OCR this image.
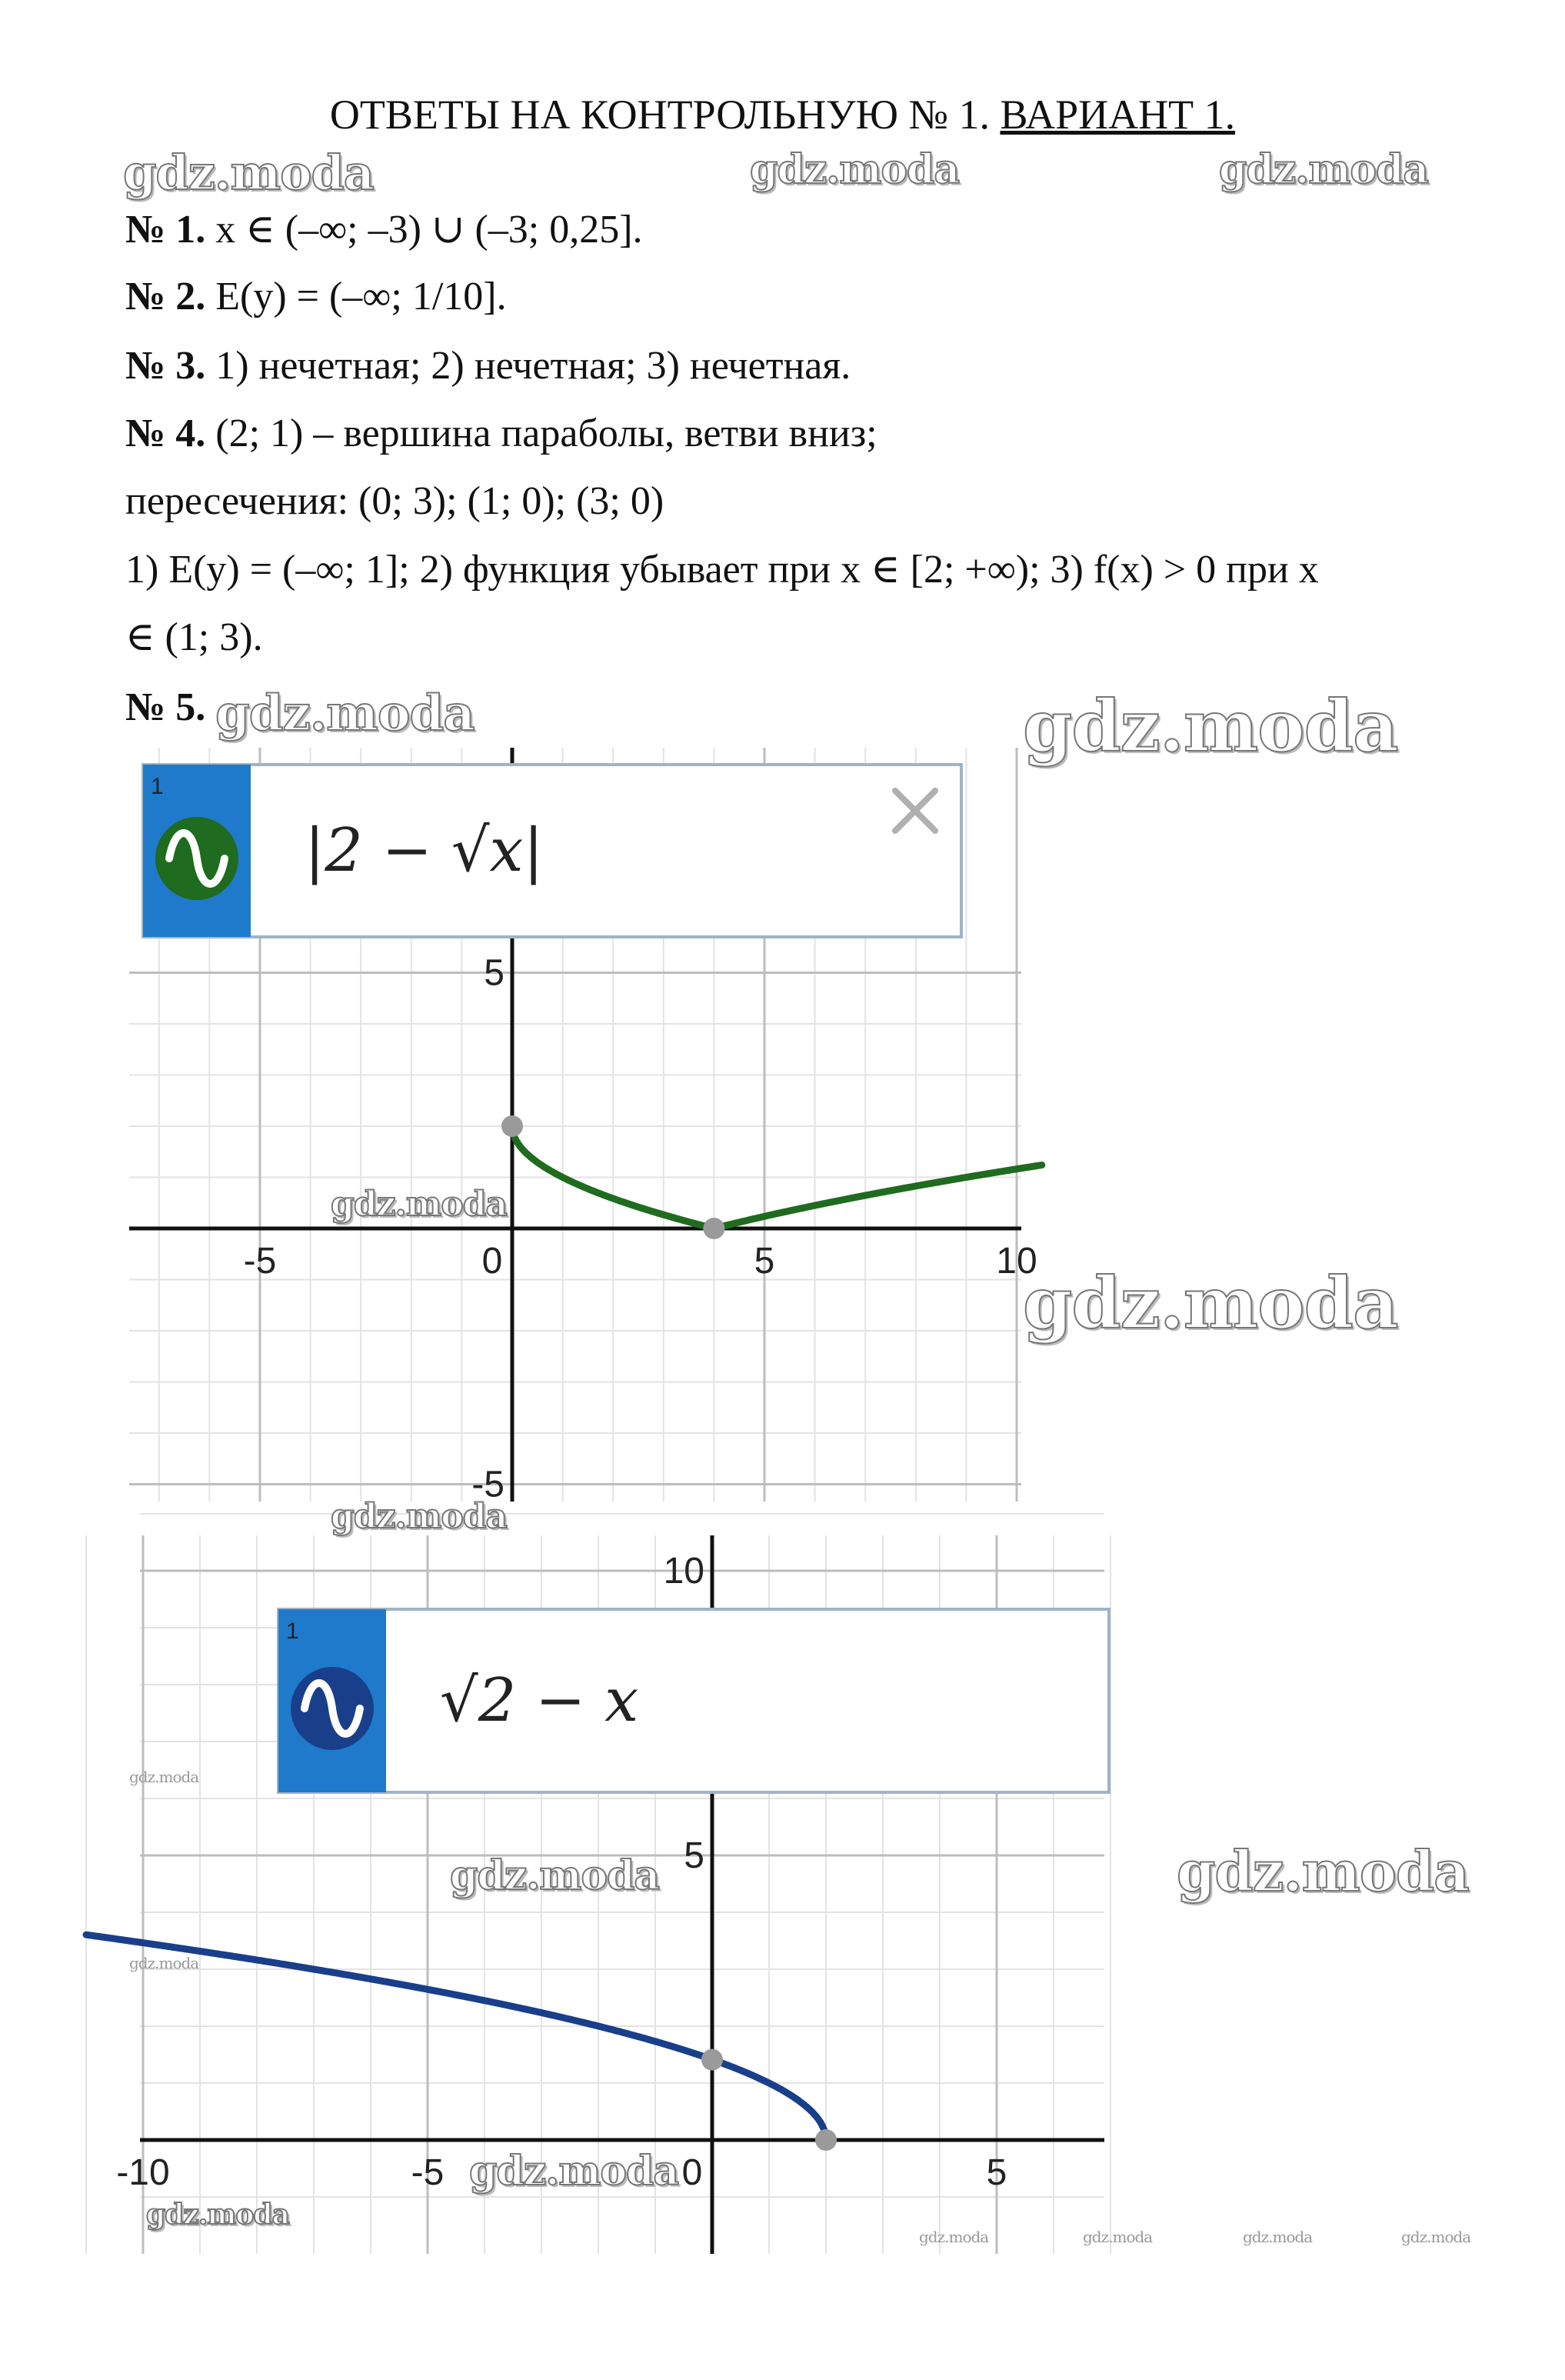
ОТВЕТЫ НА КОНТРОЛЬНУЮ № 1. ВАРИАНТ 1.
№ 1. x ∈ (–∞; –3) ∪ (–3; 0,25].
№ 2. E(y) = (–∞; 1/10].
№ 3. 1) нечетная; 2) нечетная; 3) нечетная.
№ 4. (2; 1) – вершина параболы, ветви вниз;
пересечения: (0; 3); (1; 0); (3; 0)
1) E(y) = (–∞; 1]; 2) функция убывает при x ∈ [2; +∞); 3) f(x) > 0 при x
∈ (1; 3).
№ 5.
-5	0	5	10
5
-5
1
|2 − √x|
-10	-5	0	5
10
5
1
√2 − x
gdz.moda	gdz.moda	gdz.moda
gdz.moda	gdz.moda
gdz.moda
gdz.moda
gdz.moda
gdz.moda	gdz.moda
gdz.moda
gdz.moda
gdz.moda
gdz.moda
gdz.moda	gdz.moda	gdz.moda	gdz.moda
